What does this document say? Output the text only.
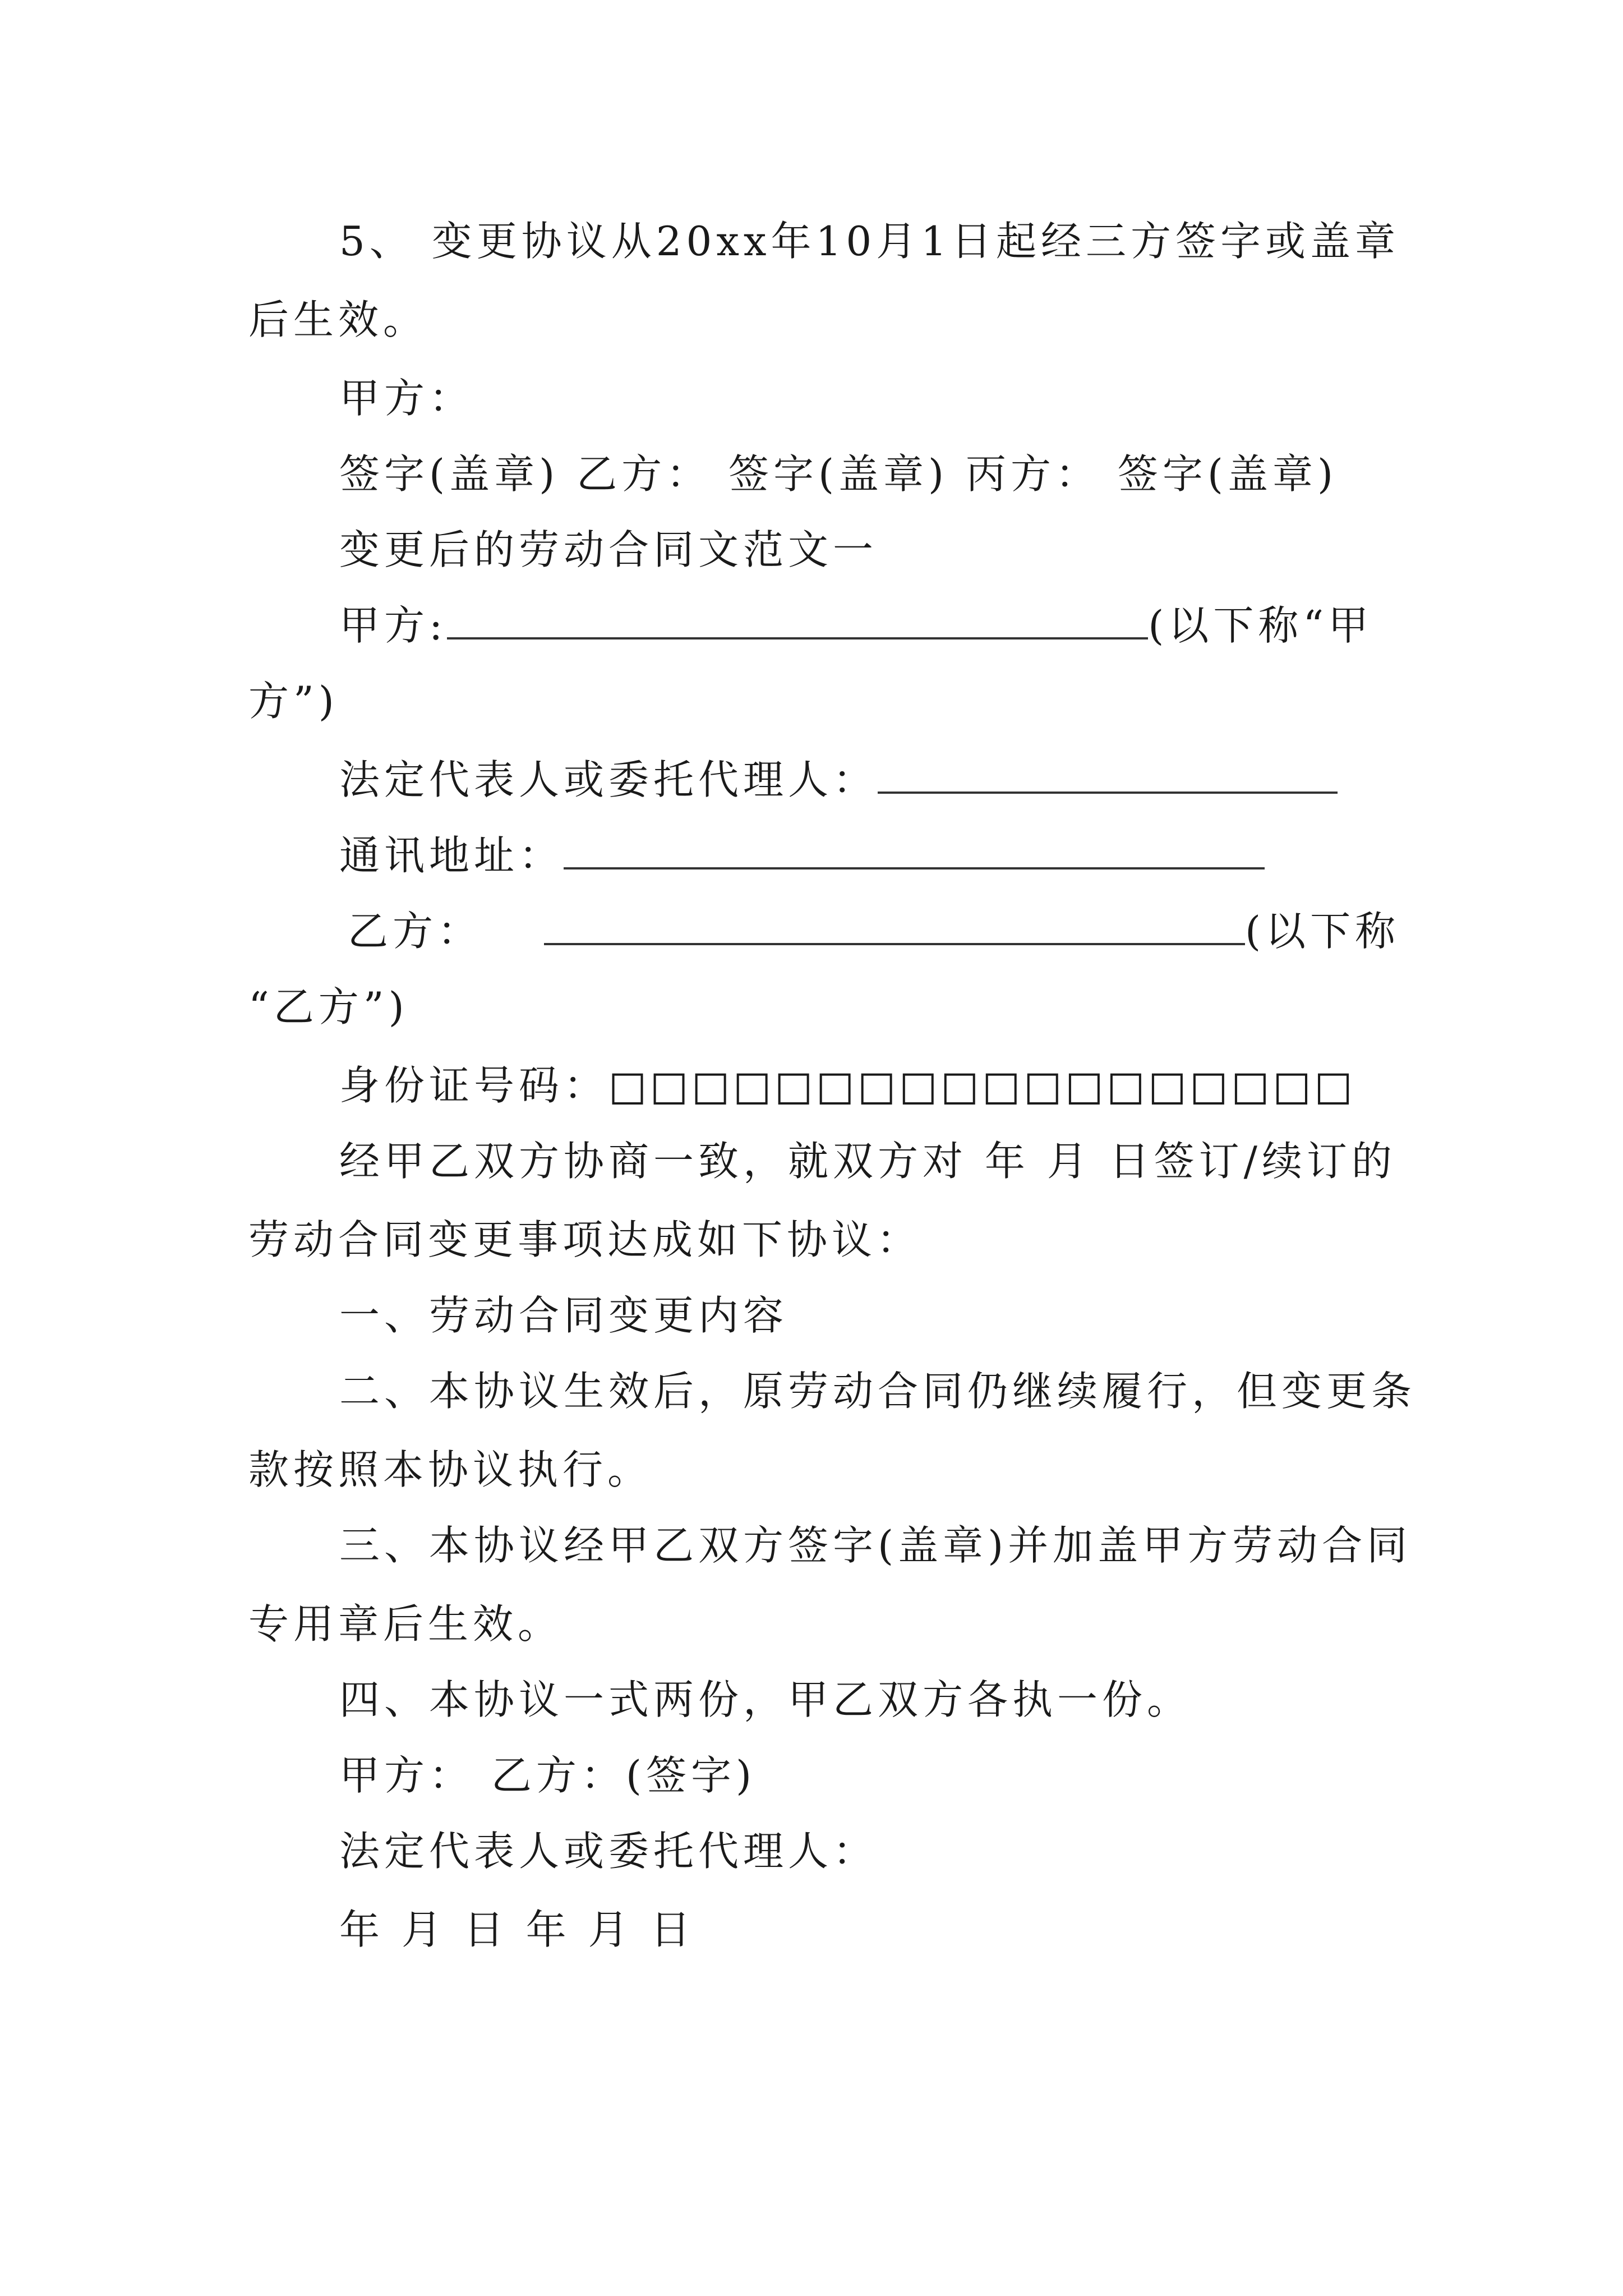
5、 变更协议从20xx年10月1日起经三方签字或盖章

后生效。

甲方：

签字(盖章) 乙方： 签字(盖章) 丙方： 签字(盖章)

变更后的劳动合同文范文一

甲方:	(以下称“甲

方”)

法定代表人或委托代理人：

通讯地址：

乙方：	(以下称

“乙方”)

身份证号码：□□□□□□□□□□□□□□□□□□

经甲乙双方协商一致，就双方对 年 月 日签订/续订的

劳动合同变更事项达成如下协议：

一、劳动合同变更内容

二、本协议生效后，原劳动合同仍继续履行，但变更条

款按照本协议执行。

三、本协议经甲乙双方签字(盖章)并加盖甲方劳动合同

专用章后生效。

四、本协议一式两份，甲乙双方各执一份。

甲方： 乙方：(签字)

法定代表人或委托代理人：

年 月 日 年 月 日
